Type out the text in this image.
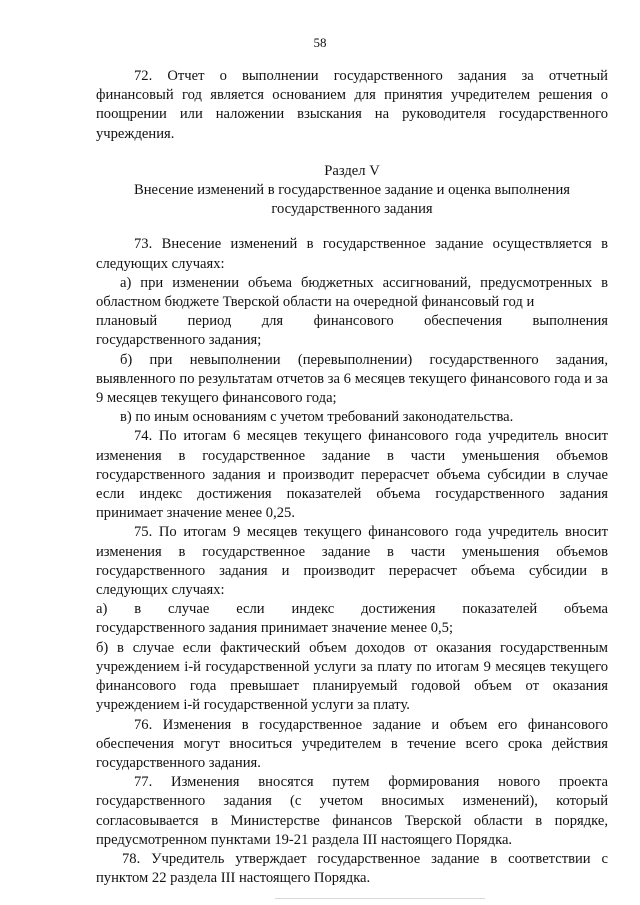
58

72. Отчет о выполнении государственного задания за отчетный финансовый год является основанием для принятия учредителем решения о поощрении или наложении взыскания на руководителя государственного учреждения.

Раздел V

Внесение изменений в государственное задание и оценка выполнения

государственного задания

73. Внесение изменений в государственное задание осуществляется в следующих случаях:

а) при изменении объема бюджетных ассигнований, предусмотренных в областном бюджете Тверской области на очередной финансовый год и

плановый период для финансового обеспечения выполнения

государственного задания;

б) при невыполнении (перевыполнении) государственного задания, выявленного по результатам отчетов за 6 месяцев текущего финансового года и за 9 месяцев текущего финансового года;

в) по иным основаниям с учетом требований законодательства.

74. По итогам 6 месяцев текущего финансового года учредитель вносит изменения в государственное задание в части уменьшения объемов государственного задания и производит перерасчет объема субсидии в случае если индекс достижения показателей объема государственного задания принимает значение менее 0,25.

75. По итогам 9 месяцев текущего финансового года учредитель вносит изменения в государственное задание в части уменьшения объемов государственного задания и производит перерасчет объема субсидии в следующих случаях:

а) в случае если индекс достижения показателей объема

государственного задания принимает значение менее 0,5;

б) в случае если фактический объем доходов от оказания государственным учреждением i-й государственной услуги за плату по итогам 9 месяцев текущего финансового года превышает планируемый годовой объем от оказания учреждением i-й государственной услуги за плату.

76. Изменения в государственное задание и объем его финансового обеспечения могут вноситься учредителем в течение всего срока действия государственного задания.

77. Изменения вносятся путем формирования нового проекта государственного задания (с учетом вносимых изменений), который согласовывается в Министерстве финансов Тверской области в порядке, предусмотренном пунктами 19-21 раздела III настоящего Порядка.

78. Учредитель утверждает государственное задание в соответствии с пунктом 22 раздела III настоящего Порядка.
